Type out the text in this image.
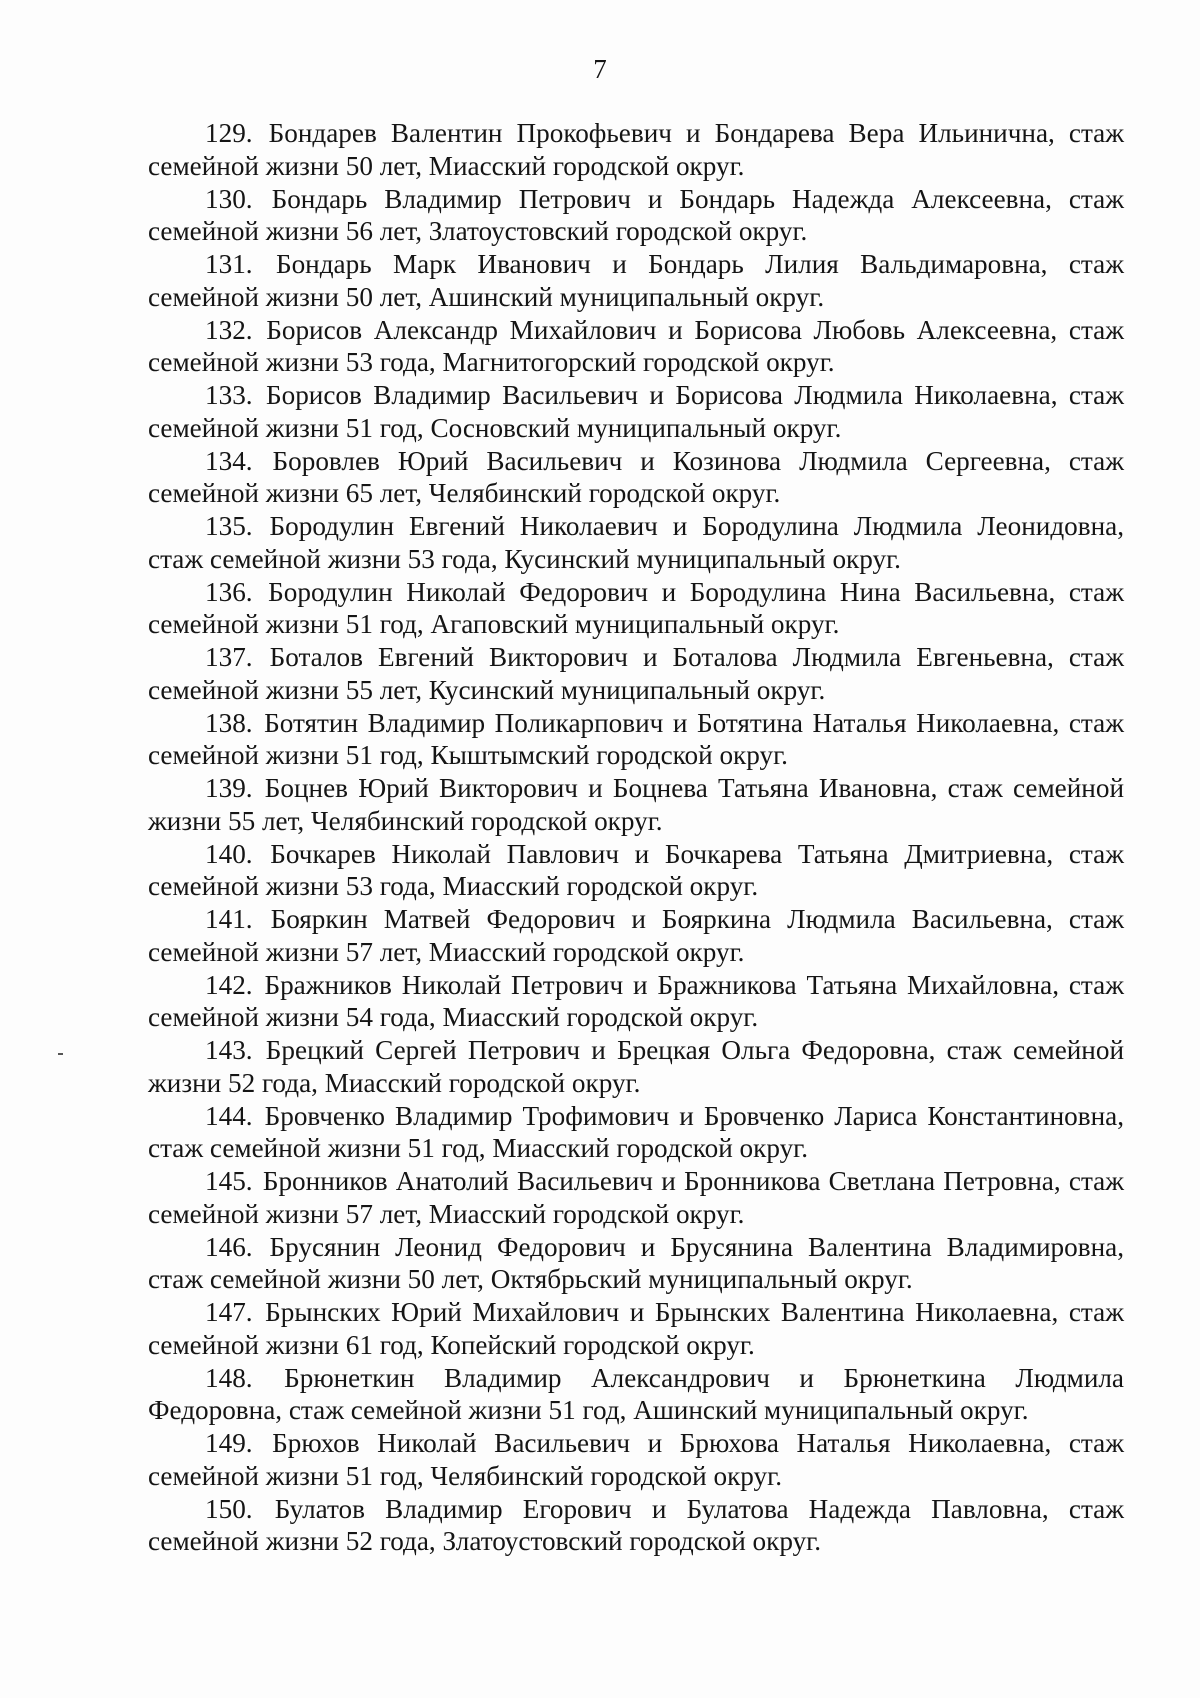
7
129. Бондарев Валентин Прокофьевич и Бондарева Вера Ильинична, стаж семейной жизни 50 лет, Миасский городской округ.
130. Бондарь Владимир Петрович и Бондарь Надежда Алексеевна, стаж семейной жизни 56 лет, Златоустовский городской округ.
131. Бондарь Марк Иванович и Бондарь Лилия Вальдимаровна, стаж семейной жизни 50 лет, Ашинский муниципальный округ.
132. Борисов Александр Михайлович и Борисова Любовь Алексеевна, стаж семейной жизни 53 года, Магнитогорский городской округ.
133. Борисов Владимир Васильевич и Борисова Людмила Николаевна, стаж семейной жизни 51 год, Сосновский муниципальный округ.
134. Боровлев Юрий Васильевич и Козинова Людмила Сергеевна, стаж семейной жизни 65 лет, Челябинский городской округ.
135. Бородулин Евгений Николаевич и Бородулина Людмила Леонидовна, стаж семейной жизни 53 года, Кусинский муниципальный округ.
136. Бородулин Николай Федорович и Бородулина Нина Васильевна, стаж семейной жизни 51 год, Агаповский муниципальный округ.
137. Боталов Евгений Викторович и Боталова Людмила Евгеньевна, стаж семейной жизни 55 лет, Кусинский муниципальный округ.
138. Ботятин Владимир Поликарпович и Ботятина Наталья Николаевна, стаж семейной жизни 51 год, Кыштымский городской округ.
139. Боцнев Юрий Викторович и Боцнева Татьяна Ивановна, стаж семейной жизни 55 лет, Челябинский городской округ.
140. Бочкарев Николай Павлович и Бочкарева Татьяна Дмитриевна, стаж семейной жизни 53 года, Миасский городской округ.
141. Бояркин Матвей Федорович и Бояркина Людмила Васильевна, стаж семейной жизни 57 лет, Миасский городской округ.
142. Бражников Николай Петрович и Бражникова Татьяна Михайловна, стаж семейной жизни 54 года, Миасский городской округ.
143. Брецкий Сергей Петрович и Брецкая Ольга Федоровна, стаж семейной жизни 52 года, Миасский городской округ.
144. Бровченко Владимир Трофимович и Бровченко Лариса Константиновна, стаж семейной жизни 51 год, Миасский городской округ.
145. Бронников Анатолий Васильевич и Бронникова Светлана Петровна, стаж семейной жизни 57 лет, Миасский городской округ.
146. Брусянин Леонид Федорович и Брусянина Валентина Владимировна, стаж семейной жизни 50 лет, Октябрьский муниципальный округ.
147. Брынских Юрий Михайлович и Брынских Валентина Николаевна, стаж семейной жизни 61 год, Копейский городской округ.
148. Брюнеткин Владимир Александрович и Брюнеткина Людмила Федоровна, стаж семейной жизни 51 год, Ашинский муниципальный округ.
149. Брюхов Николай Васильевич и Брюхова Наталья Николаевна, стаж семейной жизни 51 год, Челябинский городской округ.
150. Булатов Владимир Егорович и Булатова Надежда Павловна, стаж семейной жизни 52 года, Златоустовский городской округ.
